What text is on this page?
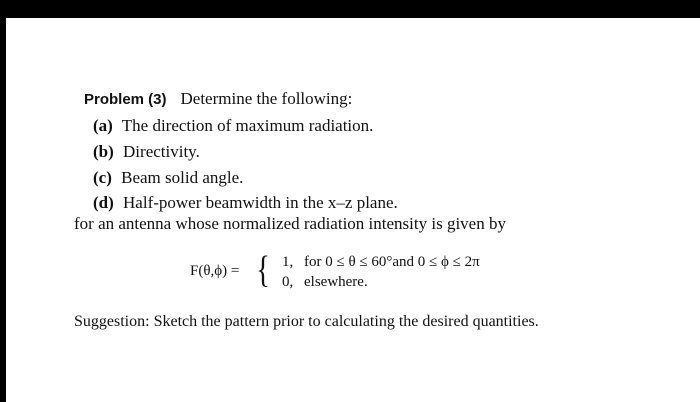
Problem (3) Determine the following:
(a) The direction of maximum radiation.
(b) Directivity.
(c) Beam solid angle.
(d) Half-power beamwidth in the x–z plane.
for an antenna whose normalized radiation intensity is given by
F(θ,ϕ) = { 1, for 0 ≤ θ ≤ 60°and 0 ≤ ϕ ≤ 2π
0, elsewhere.
Suggestion: Sketch the pattern prior to calculating the desired quantities.
